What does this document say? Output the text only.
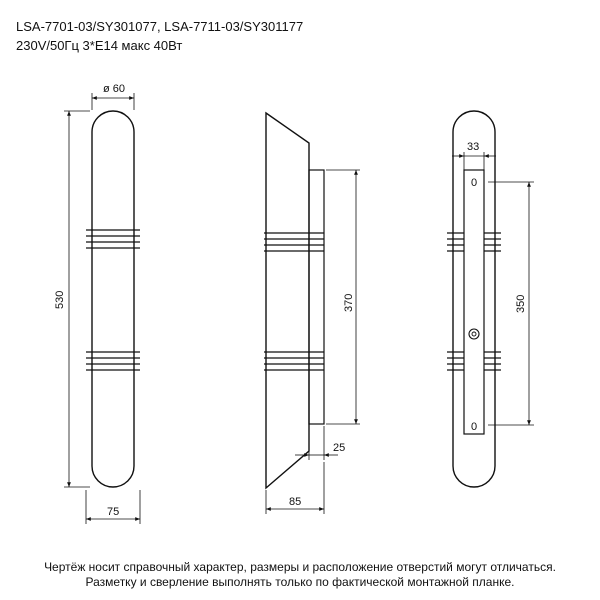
LSA-7701-03/SY301077, LSA-7711-03/SY301177
230V/50Гц 3*E14 макс 40Вт
ø 60
530
75
370
25
85
0
0
33
350
Чертёж носит справочный характер, размеры и расположение отверстий могут отличаться.
Разметку и сверление выполнять только по фактической монтажной планке.
